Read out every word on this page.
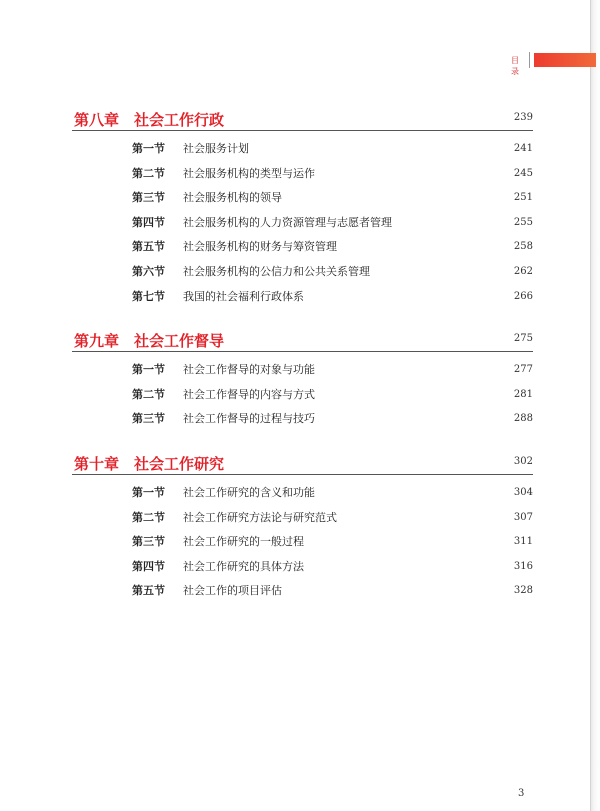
目 录
第八章　社会工作行政	239
第一节 社会服务计划	241
第二节 社会服务机构的类型与运作	245
第三节 社会服务机构的领导	251
第四节 社会服务机构的人力资源管理与志愿者管理	255
第五节 社会服务机构的财务与筹资管理	258
第六节 社会服务机构的公信力和公共关系管理	262
第七节 我国的社会福利行政体系	266
第九章　社会工作督导	275
第一节 社会工作督导的对象与功能	277
第二节 社会工作督导的内容与方式	281
第三节 社会工作督导的过程与技巧	288
第十章　社会工作研究	302
第一节 社会工作研究的含义和功能	304
第二节 社会工作研究方法论与研究范式	307
第三节 社会工作研究的一般过程	311
第四节 社会工作研究的具体方法	316
第五节 社会工作的项目评估	328
3
